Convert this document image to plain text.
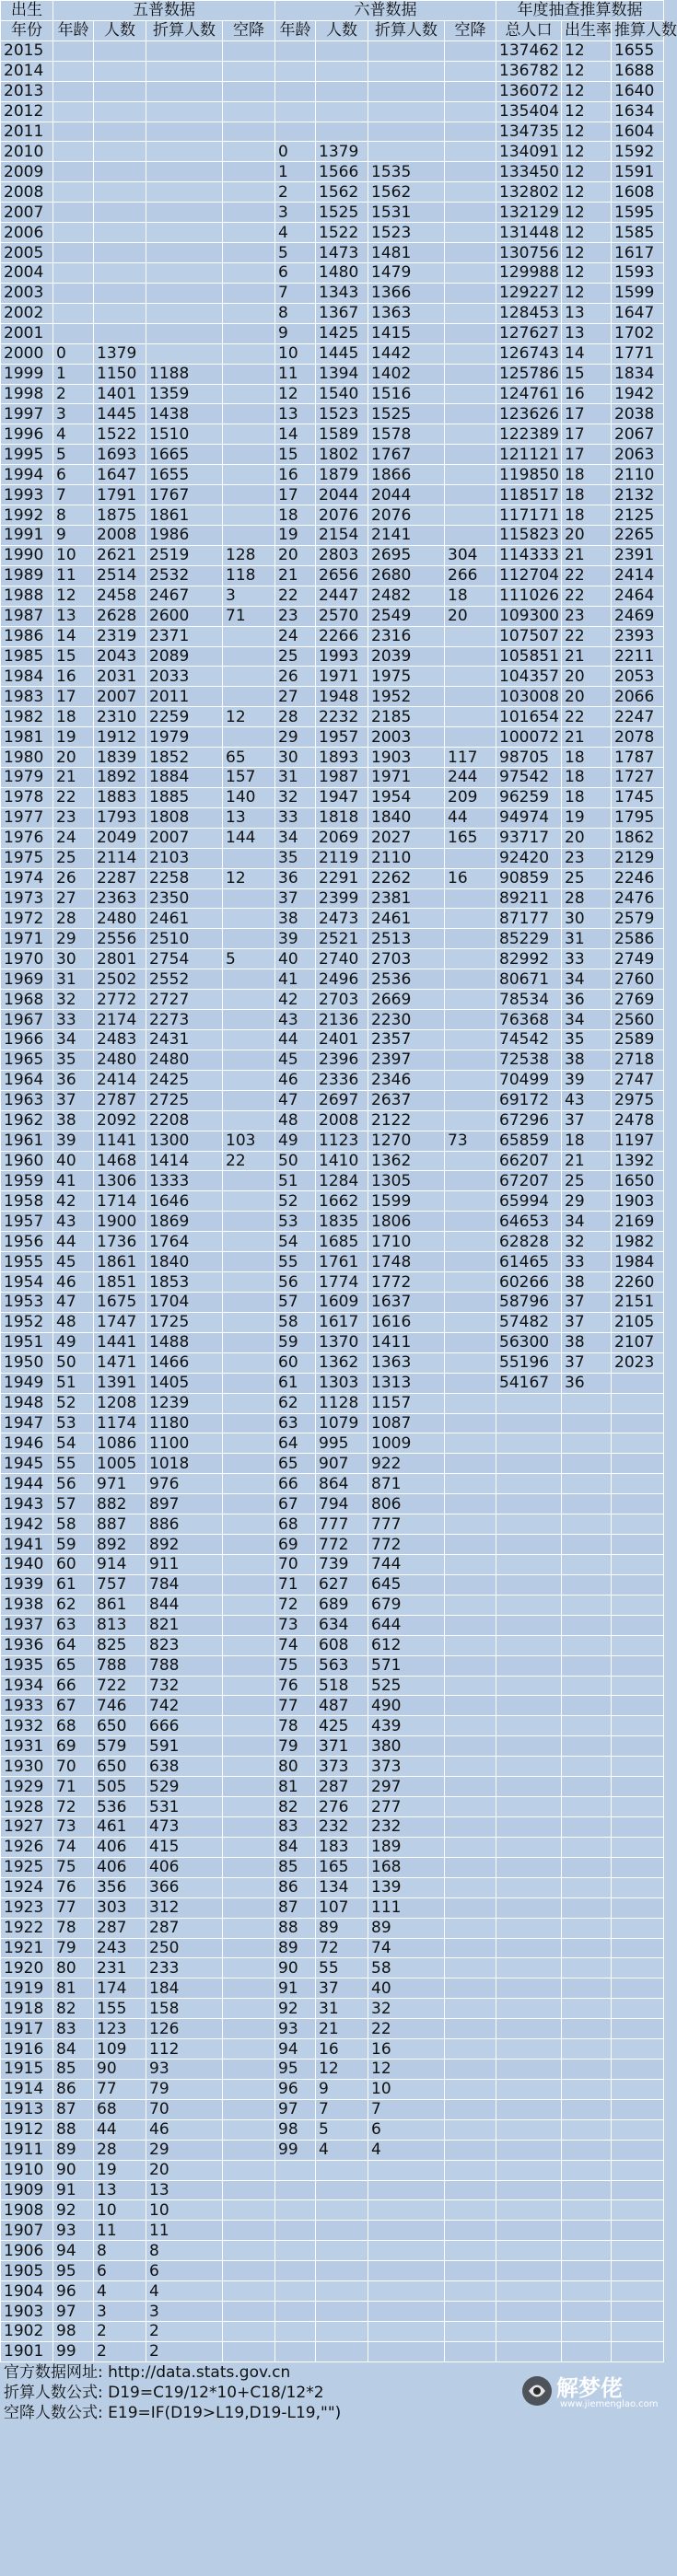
出生	五普数据				六普数据				年度抽查推算数据		
年份	年龄	人数	折算人数	空降	年龄	人数	折算人数	空降	总人口	出生率	推算人数
2015									137462	12	1655
2014									136782	12	1688
2013									136072	12	1640
2012									135404	12	1634
2011									134735	12	1604
2010					0	1379			134091	12	1592
2009					1	1566	1535		133450	12	1591
2008					2	1562	1562		132802	12	1608
2007					3	1525	1531		132129	12	1595
2006					4	1522	1523		131448	12	1585
2005					5	1473	1481		130756	12	1617
2004					6	1480	1479		129988	12	1593
2003					7	1343	1366		129227	12	1599
2002					8	1367	1363		128453	13	1647
2001					9	1425	1415		127627	13	1702
2000	0	1379			10	1445	1442		126743	14	1771
1999	1	1150	1188		11	1394	1402		125786	15	1834
1998	2	1401	1359		12	1540	1516		124761	16	1942
1997	3	1445	1438		13	1523	1525		123626	17	2038
1996	4	1522	1510		14	1589	1578		122389	17	2067
1995	5	1693	1665		15	1802	1767		121121	17	2063
1994	6	1647	1655		16	1879	1866		119850	18	2110
1993	7	1791	1767		17	2044	2044		118517	18	2132
1992	8	1875	1861		18	2076	2076		117171	18	2125
1991	9	2008	1986		19	2154	2141		115823	20	2265
1990	10	2621	2519	128	20	2803	2695	304	114333	21	2391
1989	11	2514	2532	118	21	2656	2680	266	112704	22	2414
1988	12	2458	2467	3	22	2447	2482	18	111026	22	2464
1987	13	2628	2600	71	23	2570	2549	20	109300	23	2469
1986	14	2319	2371		24	2266	2316		107507	22	2393
1985	15	2043	2089		25	1993	2039		105851	21	2211
1984	16	2031	2033		26	1971	1975		104357	20	2053
1983	17	2007	2011		27	1948	1952		103008	20	2066
1982	18	2310	2259	12	28	2232	2185		101654	22	2247
1981	19	1912	1979		29	1957	2003		100072	21	2078
1980	20	1839	1852	65	30	1893	1903	117	98705	18	1787
1979	21	1892	1884	157	31	1987	1971	244	97542	18	1727
1978	22	1883	1885	140	32	1947	1954	209	96259	18	1745
1977	23	1793	1808	13	33	1818	1840	44	94974	19	1795
1976	24	2049	2007	144	34	2069	2027	165	93717	20	1862
1975	25	2114	2103		35	2119	2110		92420	23	2129
1974	26	2287	2258	12	36	2291	2262	16	90859	25	2246
1973	27	2363	2350		37	2399	2381		89211	28	2476
1972	28	2480	2461		38	2473	2461		87177	30	2579
1971	29	2556	2510		39	2521	2513		85229	31	2586
1970	30	2801	2754	5	40	2740	2703		82992	33	2749
1969	31	2502	2552		41	2496	2536		80671	34	2760
1968	32	2772	2727		42	2703	2669		78534	36	2769
1967	33	2174	2273		43	2136	2230		76368	34	2560
1966	34	2483	2431		44	2401	2357		74542	35	2589
1965	35	2480	2480		45	2396	2397		72538	38	2718
1964	36	2414	2425		46	2336	2346		70499	39	2747
1963	37	2787	2725		47	2697	2637		69172	43	2975
1962	38	2092	2208		48	2008	2122		67296	37	2478
1961	39	1141	1300	103	49	1123	1270	73	65859	18	1197
1960	40	1468	1414	22	50	1410	1362		66207	21	1392
1959	41	1306	1333		51	1284	1305		67207	25	1650
1958	42	1714	1646		52	1662	1599		65994	29	1903
1957	43	1900	1869		53	1835	1806		64653	34	2169
1956	44	1736	1764		54	1685	1710		62828	32	1982
1955	45	1861	1840		55	1761	1748		61465	33	1984
1954	46	1851	1853		56	1774	1772		60266	38	2260
1953	47	1675	1704		57	1609	1637		58796	37	2151
1952	48	1747	1725		58	1617	1616		57482	37	2105
1951	49	1441	1488		59	1370	1411		56300	38	2107
1950	50	1471	1466		60	1362	1363		55196	37	2023
1949	51	1391	1405		61	1303	1313		54167	36	
1948	52	1208	1239		62	1128	1157				
1947	53	1174	1180		63	1079	1087				
1946	54	1086	1100		64	995	1009				
1945	55	1005	1018		65	907	922				
1944	56	971	976		66	864	871				
1943	57	882	897		67	794	806				
1942	58	887	886		68	777	777				
1941	59	892	892		69	772	772				
1940	60	914	911		70	739	744				
1939	61	757	784		71	627	645				
1938	62	861	844		72	689	679				
1937	63	813	821		73	634	644				
1936	64	825	823		74	608	612				
1935	65	788	788		75	563	571				
1934	66	722	732		76	518	525				
1933	67	746	742		77	487	490				
1932	68	650	666		78	425	439				
1931	69	579	591		79	371	380				
1930	70	650	638		80	373	373				
1929	71	505	529		81	287	297				
1928	72	536	531		82	276	277				
1927	73	461	473		83	232	232				
1926	74	406	415		84	183	189				
1925	75	406	406		85	165	168				
1924	76	356	366		86	134	139				
1923	77	303	312		87	107	111				
1922	78	287	287		88	89	89				
1921	79	243	250		89	72	74				
1920	80	231	233		90	55	58				
1919	81	174	184		91	37	40				
1918	82	155	158		92	31	32				
1917	83	123	126		93	21	22				
1916	84	109	112		94	16	16				
1915	85	90	93		95	12	12				
1914	86	77	79		96	9	10				
1913	87	68	70		97	7	7				
1912	88	44	46		98	5	6				
1911	89	28	29		99	4	4				
1910	90	19	20								
1909	91	13	13								
1908	92	10	10								
1907	93	11	11								
1906	94	8	8								
1905	95	6	6								
1904	96	4	4								
1903	97	3	3								
1902	98	2	2								
1901	99	2	2								
官方数据网址: http://data.stats.gov.cn
折算人数公式: D19=C19/12*10+C18/12*2
空降人数公式: E19=IF(D19>L19,D19-L19,"")
解梦佬
www.jiemenglao.com
